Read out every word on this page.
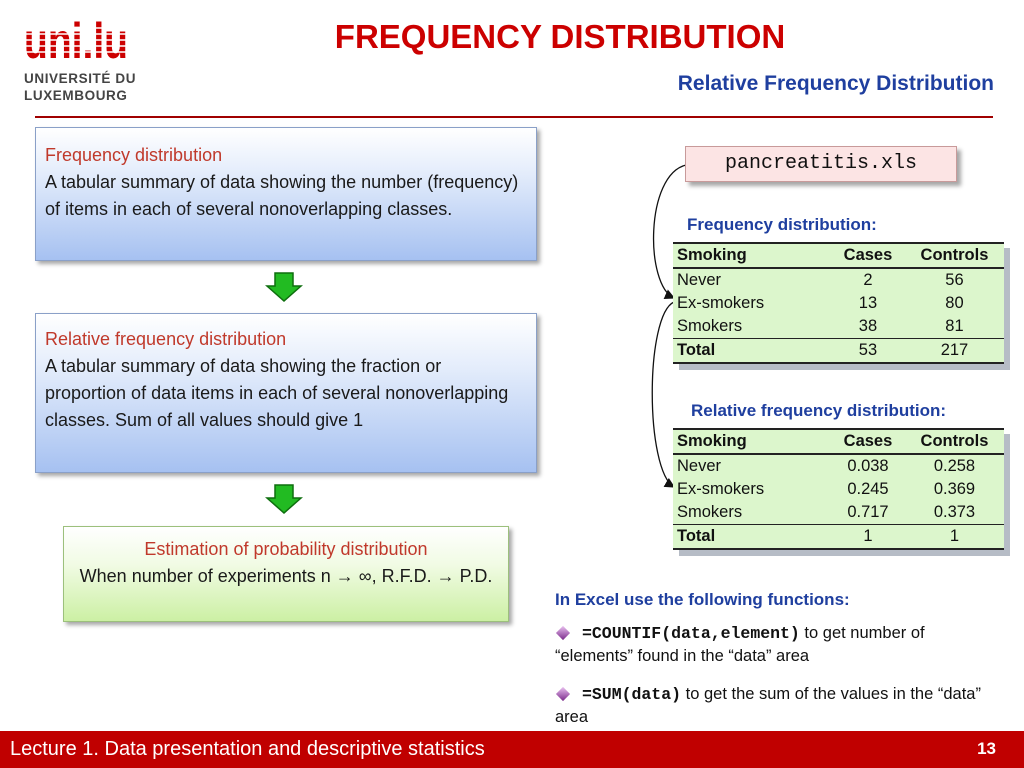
uni.lu
UNIVERSITÉ DU
LUXEMBOURG
FREQUENCY DISTRIBUTION
Relative Frequency Distribution
Frequency distribution
A tabular summary of data showing the number (frequency) of items in each of several nonoverlapping classes.
Relative frequency distribution
A tabular summary of data showing the fraction or proportion of data items in each of several nonoverlapping classes. Sum of all values should give 1
Estimation of probability distribution
When number of experiments n → ∞, R.F.D. → P.D.
pancreatitis.xls
Frequency distribution:
Smoking	Cases	Controls
Never	2	56
Ex-smokers	13	80
Smokers	38	81
Total	53	217
Relative frequency distribution:
Smoking	Cases	Controls
Never	0.038	0.258
Ex-smokers	0.245	0.369
Smokers	0.717	0.373
Total	1	1
In Excel use the following functions:
=COUNTIF(data,element) to get number of “elements” found in the “data” area
=SUM(data) to get the sum of the values in the “data” area
Lecture 1. Data presentation and descriptive statistics	13
